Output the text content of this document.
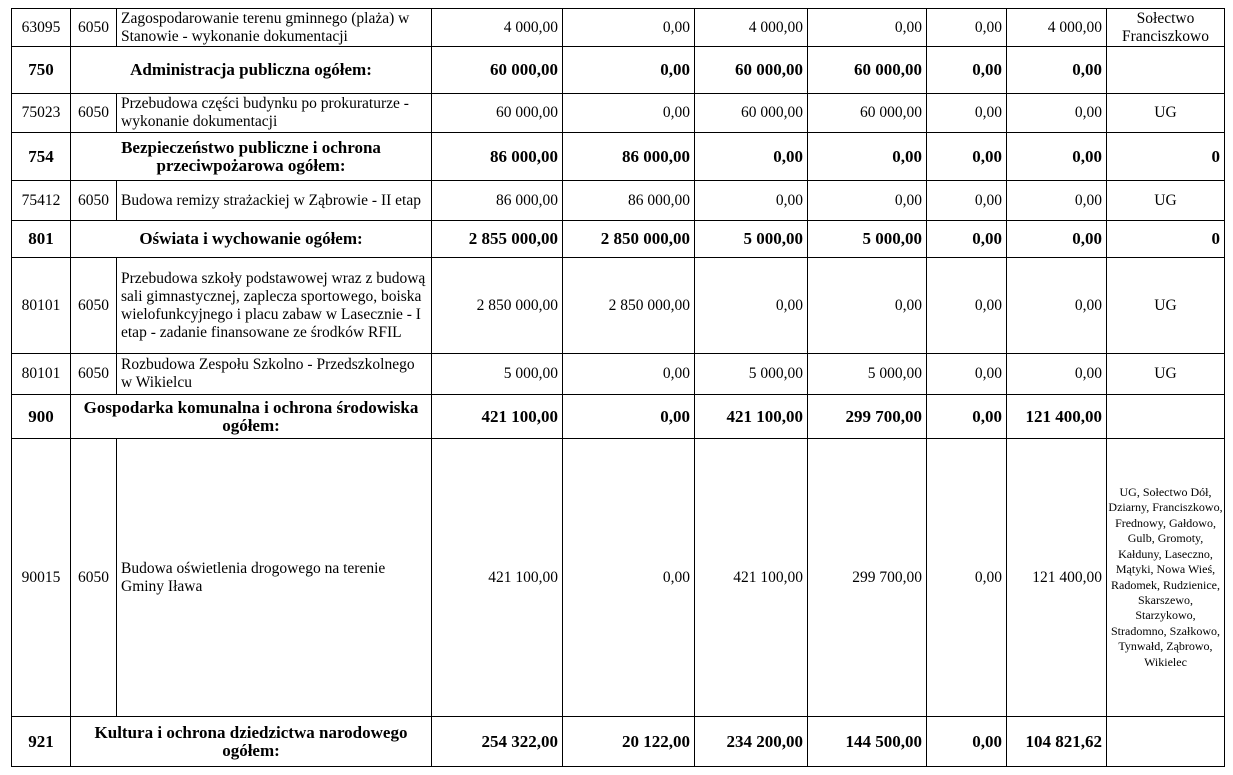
63095	6050	Zagospodarowanie terenu gminnego (plaża) w Stanowie - wykonanie dokumentacji	4 000,00	0,00	4 000,00	0,00	0,00	4 000,00	Sołectwo Franciszkowo
750	Administracja publiczna ogółem:		60 000,00	0,00	60 000,00	60 000,00	0,00	0,00	
75023	6050	Przebudowa części budynku po prokuraturze - wykonanie dokumentacji	60 000,00	0,00	60 000,00	60 000,00	0,00	0,00	UG
754	Bezpieczeństwo publiczne i ochrona przeciwpożarowa ogółem:		86 000,00	86 000,00	0,00	0,00	0,00	0,00	0
75412	6050	Budowa remizy strażackiej w Ząbrowie - II etap	86 000,00	86 000,00	0,00	0,00	0,00	0,00	UG
801	Oświata i wychowanie ogółem:		2 855 000,00	2 850 000,00	5 000,00	5 000,00	0,00	0,00	0
80101	6050	Przebudowa szkoły podstawowej wraz z budową sali gimnastycznej, zaplecza sportowego, boiska wielofunkcyjnego i placu zabaw w Lasecznie - I etap - zadanie finansowane ze środków RFIL	2 850 000,00	2 850 000,00	0,00	0,00	0,00	0,00	UG
80101	6050	Rozbudowa Zespołu Szkolno - Przedszkolnego w Wikielcu	5 000,00	0,00	5 000,00	5 000,00	0,00	0,00	UG
900	Gospodarka komunalna i ochrona środowiska ogółem:		421 100,00	0,00	421 100,00	299 700,00	0,00	121 400,00	
90015	6050	Budowa oświetlenia drogowego na terenie Gminy Iława	421 100,00	0,00	421 100,00	299 700,00	0,00	121 400,00	UG, Sołectwo Dół, Dziarny, Franciszkowo, Frednowy, Gałdowo, Gulb, Gromoty, Kałduny, Laseczno, Mątyki, Nowa Wieś, Radomek, Rudzienice, Skarszewo, Starzykowo, Stradomno, Szałkowo, Tynwałd, Ząbrowo, Wikielec
921	Kultura i ochrona dziedzictwa narodowego ogółem:		254 322,00	20 122,00	234 200,00	144 500,00	0,00	104 821,62	
